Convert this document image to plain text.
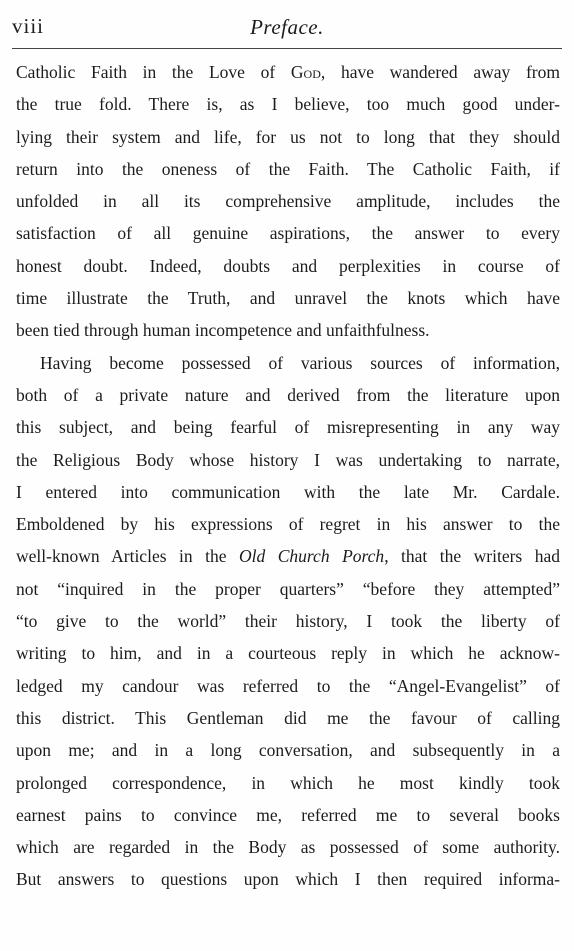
viii	Preface.
Catholic Faith in the Love of God, have wandered away from
the true fold. There is, as I believe, too much good under-
lying their system and life, for us not to long that they should
return into the oneness of the Faith. The Catholic Faith, if
unfolded in all its comprehensive amplitude, includes the
satisfaction of all genuine aspirations, the answer to every
honest doubt. Indeed, doubts and perplexities in course of
time illustrate the Truth, and unravel the knots which have
been tied through human incompetence and unfaithfulness.
Having become possessed of various sources of information,
both of a private nature and derived from the literature upon
this subject, and being fearful of misrepresenting in any way
the Religious Body whose history I was undertaking to narrate,
I entered into communication with the late Mr. Cardale.
Emboldened by his expressions of regret in his answer to the
well-known Articles in the Old Church Porch, that the writers had
not “inquired in the proper quarters” “before they attempted”
“to give to the world” their history, I took the liberty of
writing to him, and in a courteous reply in which he acknow-
ledged my candour was referred to the “Angel-Evangelist” of
this district. This Gentleman did me the favour of calling
upon me; and in a long conversation, and subsequently in a
prolonged correspondence, in which he most kindly took
earnest pains to convince me, referred me to several books
which are regarded in the Body as possessed of some authority.
But answers to questions upon which I then required informa-
